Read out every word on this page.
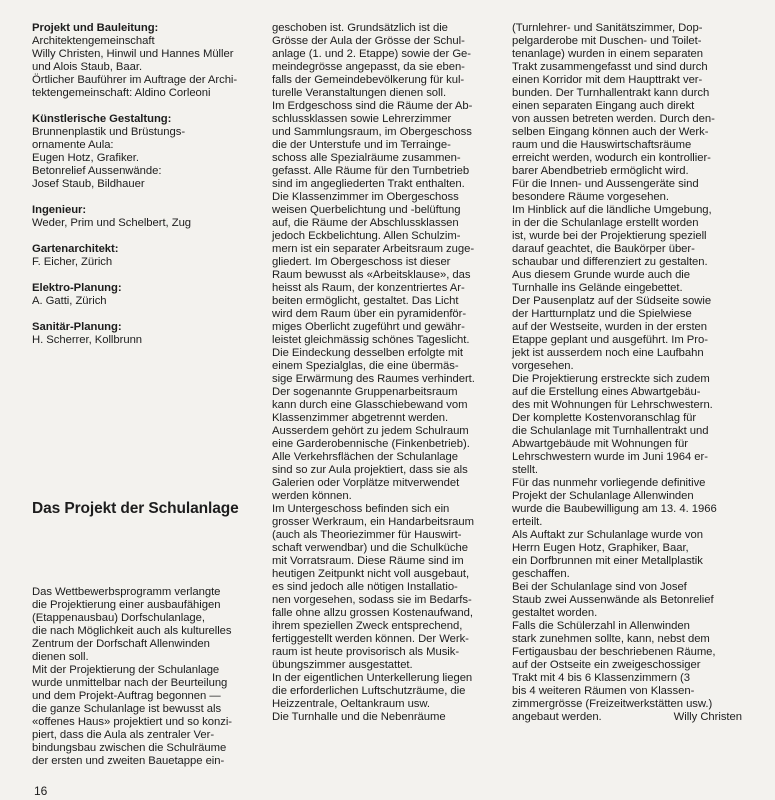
Projekt und Bauleitung:
Architektengemeinschaft
Willy Christen, Hinwil und Hannes Müller
und Alois Staub, Baar.
Örtlicher Bauführer im Auftrage der Archi-
tektengemeinschaft: Aldino Corleoni
Künstlerische Gestaltung:
Brunnenplastik und Brüstungs-
ornamente Aula:
Eugen Hotz, Grafiker.
Betonrelief Aussenwände:
Josef Staub, Bildhauer
Ingenieur:
Weder, Prim und Schelbert, Zug
Gartenarchitekt:
F. Eicher, Zürich
Elektro-Planung:
A. Gatti, Zürich
Sanitär-Planung:
H. Scherrer, Kollbrunn
Das Projekt der Schulanlage
Das Wettbewerbsprogramm verlangte
die Projektierung einer ausbaufähigen
(Etappenausbau) Dorfschulanlage,
die nach Möglichkeit auch als kulturelles
Zentrum der Dorfschaft Allenwinden
dienen soll.
Mit der Projektierung der Schulanlage
wurde unmittelbar nach der Beurteilung
und dem Projekt-Auftrag begonnen —
die ganze Schulanlage ist bewusst als
«offenes Haus» projektiert und so konzi-
piert, dass die Aula als zentraler Ver-
bindungsbau zwischen die Schulräume
der ersten und zweiten Bauetappe ein-
geschoben ist. Grundsätzlich ist die
Grösse der Aula der Grösse der Schul-
anlage (1. und 2. Etappe) sowie der Ge-
meindegrösse angepasst, da sie eben-
falls der Gemeindebevölkerung für kul-
turelle Veranstaltungen dienen soll.
Im Erdgeschoss sind die Räume der Ab-
schlussklassen sowie Lehrerzimmer
und Sammlungsraum, im Obergeschoss
die der Unterstufe und im Terrainge-
schoss alle Spezialräume zusammen-
gefasst. Alle Räume für den Turnbetrieb
sind im angegliederten Trakt enthalten.
Die Klassenzimmer im Obergeschoss
weisen Querbelichtung und -belüftung
auf, die Räume der Abschlussklassen
jedoch Eckbelichtung. Allen Schulzim-
mern ist ein separater Arbeitsraum zuge-
gliedert. Im Obergeschoss ist dieser
Raum bewusst als «Arbeitsklause», das
heisst als Raum, der konzentriertes Ar-
beiten ermöglicht, gestaltet. Das Licht
wird dem Raum über ein pyramidenför-
miges Oberlicht zugeführt und gewähr-
leistet gleichmässig schönes Tageslicht.
Die Eindeckung desselben erfolgte mit
einem Spezialglas, die eine übermäs-
sige Erwärmung des Raumes verhindert.
Der sogenannte Gruppenarbeitsraum
kann durch eine Glasschiebewand vom
Klassenzimmer abgetrennt werden.
Ausserdem gehört zu jedem Schulraum
eine Garderobennische (Finkenbetrieb).
Alle Verkehrsflächen der Schulanlage
sind so zur Aula projektiert, dass sie als
Galerien oder Vorplätze mitverwendet
werden können.
Im Untergeschoss befinden sich ein
grosser Werkraum, ein Handarbeitsraum
(auch als Theoriezimmer für Hauswirt-
schaft verwendbar) und die Schulküche
mit Vorratsraum. Diese Räume sind im
heutigen Zeitpunkt nicht voll ausgebaut,
es sind jedoch alle nötigen Installatio-
nen vorgesehen, sodass sie im Bedarfs-
falle ohne allzu grossen Kostenaufwand,
ihrem speziellen Zweck entsprechend,
fertiggestellt werden können. Der Werk-
raum ist heute provisorisch als Musik-
übungszimmer ausgestattet.
In der eigentlichen Unterkellerung liegen
die erforderlichen Luftschutzräume, die
Heizzentrale, Oeltankraum usw.
Die Turnhalle und die Nebenräume
(Turnlehrer- und Sanitätszimmer, Dop-
pelgarderobe mit Duschen- und Toilet-
tenanlage) wurden in einem separaten
Trakt zusammengefasst und sind durch
einen Korridor mit dem Haupttrakt ver-
bunden. Der Turnhallentrakt kann durch
einen separaten Eingang auch direkt
von aussen betreten werden. Durch den-
selben Eingang können auch der Werk-
raum und die Hauswirtschaftsräume
erreicht werden, wodurch ein kontrollier-
barer Abendbetrieb ermöglicht wird.
Für die Innen- und Aussengeräte sind
besondere Räume vorgesehen.
Im Hinblick auf die ländliche Umgebung,
in der die Schulanlage erstellt worden
ist, wurde bei der Projektierung speziell
darauf geachtet, die Baukörper über-
schaubar und differenziert zu gestalten.
Aus diesem Grunde wurde auch die
Turnhalle ins Gelände eingebettet.
Der Pausenplatz auf der Südseite sowie
der Hartturnplatz und die Spielwiese
auf der Westseite, wurden in der ersten
Etappe geplant und ausgeführt. Im Pro-
jekt ist ausserdem noch eine Laufbahn
vorgesehen.
Die Projektierung erstreckte sich zudem
auf die Erstellung eines Abwartgebäu-
des mit Wohnungen für Lehrschwestern.
Der komplette Kostenvoranschlag für
die Schulanlage mit Turnhallentrakt und
Abwartgebäude mit Wohnungen für
Lehrschwestern wurde im Juni 1964 er-
stellt.
Für das nunmehr vorliegende definitive
Projekt der Schulanlage Allenwinden
wurde die Baubewilligung am 13. 4. 1966
erteilt.
Als Auftakt zur Schulanlage wurde von
Herrn Eugen Hotz, Graphiker, Baar,
ein Dorfbrunnen mit einer Metallplastik
geschaffen.
Bei der Schulanlage sind von Josef
Staub zwei Aussenwände als Betonrelief
gestaltet worden.
Falls die Schülerzahl in Allenwinden
stark zunehmen sollte, kann, nebst dem
Fertigausbau der beschriebenen Räume,
auf der Ostseite ein zweigeschossiger
Trakt mit 4 bis 6 Klassenzimmern (3
bis 4 weiteren Räumen von Klassen-
zimmergrösse (Freizeitwerkstätten usw.)
angebaut werden.	Willy Christen
16
